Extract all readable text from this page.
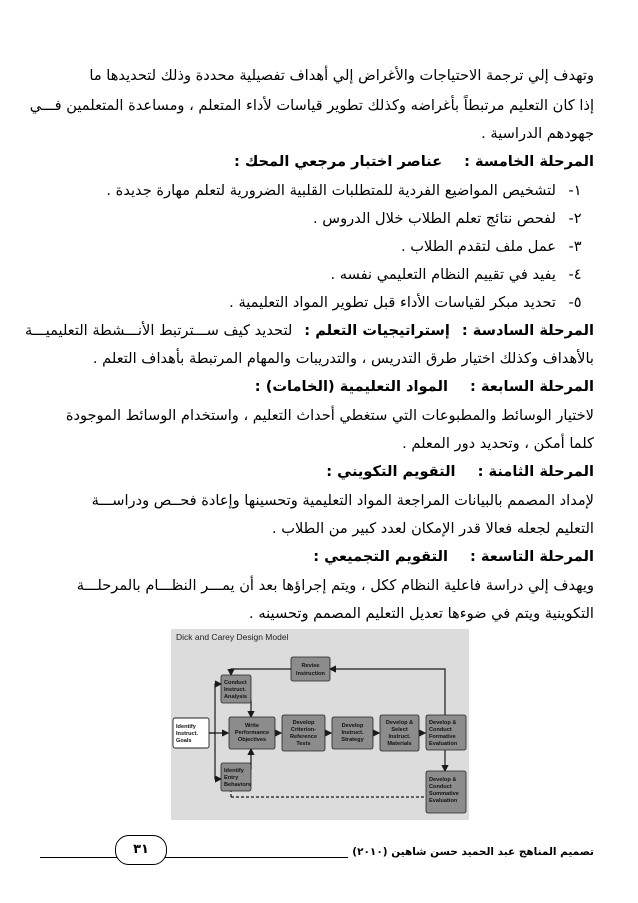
وتهدف إلي ترجمة الاحتياجات والأغراض إلي أهداف تفصيلية محددة وذلك لتحديدها ما
إذا كان التعليم مرتبطاً بأغراضه وكذلك تطوير قياسات لأداء المتعلم ، ومساعدة المتعلمين فـــي
جهودهم الدراسية .
المرحلة الخامسة :عناصر اختبار مرجعي المحك :
١-لتشخيص المواضيع الفردية للمتطلبات القلبية الضرورية لتعلم مهارة جديدة .
٢-لفحص نتائج تعلم الطلاب خلال الدروس .
٣-عمل ملف لتقدم الطلاب .
٤-يفيد في تقييم النظام التعليمي نفسه .
٥-تحديد مبكر لقياسات الأداء قبل تطوير المواد التعليمية .
المرحلة السادسة :إستراتيجيات التعلم :لتحديد كيف ســـترتبط الأنـــشطة التعليميـــة
بالأهداف وكذلك اختيار طرق التدريس ، والتدريبات والمهام المرتبطة بأهداف التعلم .
المرحلة السابعة :المواد التعليمية (الخامات) :
لاختيار الوسائط والمطبوعات التي ستغطي أحداث التعليم ، واستخدام الوسائط الموجودة
كلما أمكن ، وتحديد دور المعلم .
المرحلة الثامنة :التقويم التكويني :
لإمداد المصمم بالبيانات المراجعة المواد التعليمية وتحسينها وإعادة فحــص ودراســـة
التعليم لجعله فعالا قدر الإمكان لعدد كبير من الطلاب .
المرحلة التاسعة :التقويم التجميعي :
ويهدف إلي دراسة فاعلية النظام ككل ، ويتم إجراؤها بعد أن يمـــر النظـــام بالمرحلـــة
التكوينية ويتم في ضوءها تعديل التعليم المصمم وتحسينه .
Dick and Carey Design Model
Revise
Instruction
Conduct
Instruct.
Analysis
Identify
Instruct.
Goals
Write
Performance
Objectives
Develop
Criterion-
Reference
Tests
Develop
Instruct.
Strategy
Develop &
Select
Instruct.
Materials
Develop &
Conduct
Formative
Evaluation
Identify
Entry
Behaviors
Develop &
Conduct
Summative
Evaluation
تصميم المناهج عبد الحميد حسن شاهين (٢٠١٠)
٣١
